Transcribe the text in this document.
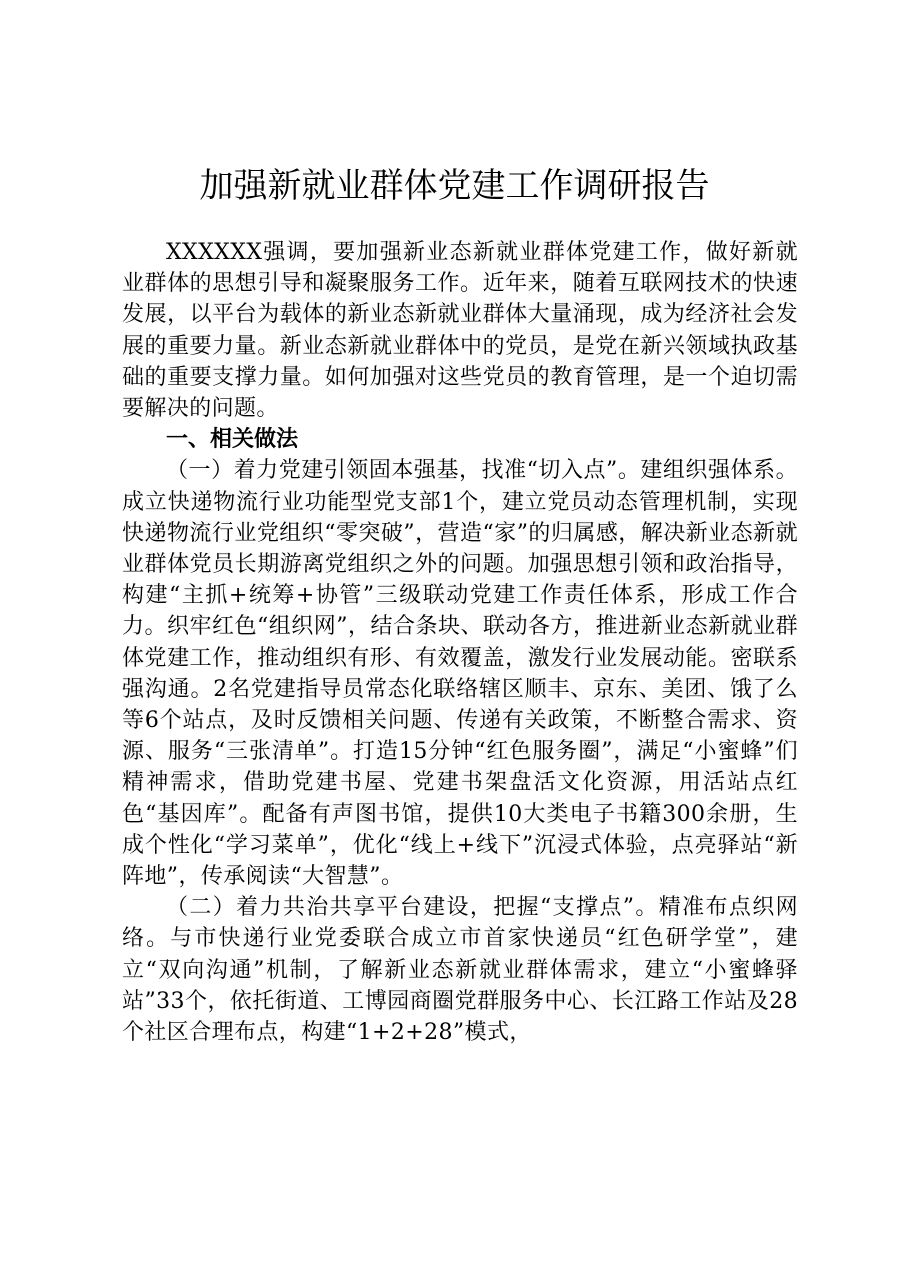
加强新就业群体党建工作调研报告

XXXXXX强调，要加强新业态新就业群体党建工作，做好新就业群体的思想引导和凝聚服务工作。近年来，随着互联网技术的快速发展，以平台为载体的新业态新就业群体大量涌现，成为经济社会发展的重要力量。新业态新就业群体中的党员，是党在新兴领域执政基础的重要支撑力量。如何加强对这些党员的教育管理，是一个迫切需要解决的问题。

一、相关做法

（一）着力党建引领固本强基，找准“切入点”。建组织强体系。成立快递物流行业功能型党支部1个，建立党员动态管理机制，实现快递物流行业党组织“零突破”，营造“家”的归属感，解决新业态新就业群体党员长期游离党组织之外的问题。加强思想引领和政治指导，构建“主抓+统筹+协管”三级联动党建工作责任体系，形成工作合力。织牢红色“组织网”，结合条块、联动各方，推进新业态新就业群体党建工作，推动组织有形、有效覆盖，激发行业发展动能。密联系强沟通。2名党建指导员常态化联络辖区顺丰、京东、美团、饿了么等6个站点，及时反馈相关问题、传递有关政策，不断整合需求、资源、服务“三张清单”。打造15分钟“红色服务圈”，满足“小蜜蜂”们精神需求，借助党建书屋、党建书架盘活文化资源，用活站点红色“基因库”。配备有声图书馆，提供10大类电子书籍300余册，生成个性化“学习菜单”，优化“线上+线下”沉浸式体验，点亮驿站“新阵地”，传承阅读“大智慧”。

（二）着力共治共享平台建设，把握“支撑点”。精准布点织网络。与市快递行业党委联合成立市首家快递员“红色研学堂”，建立“双向沟通”机制，了解新业态新就业群体需求，建立“小蜜蜂驿站”33个，依托街道、工博园商圈党群服务中心、长江路工作站及28个社区合理布点，构建“1+2+28”模式，
